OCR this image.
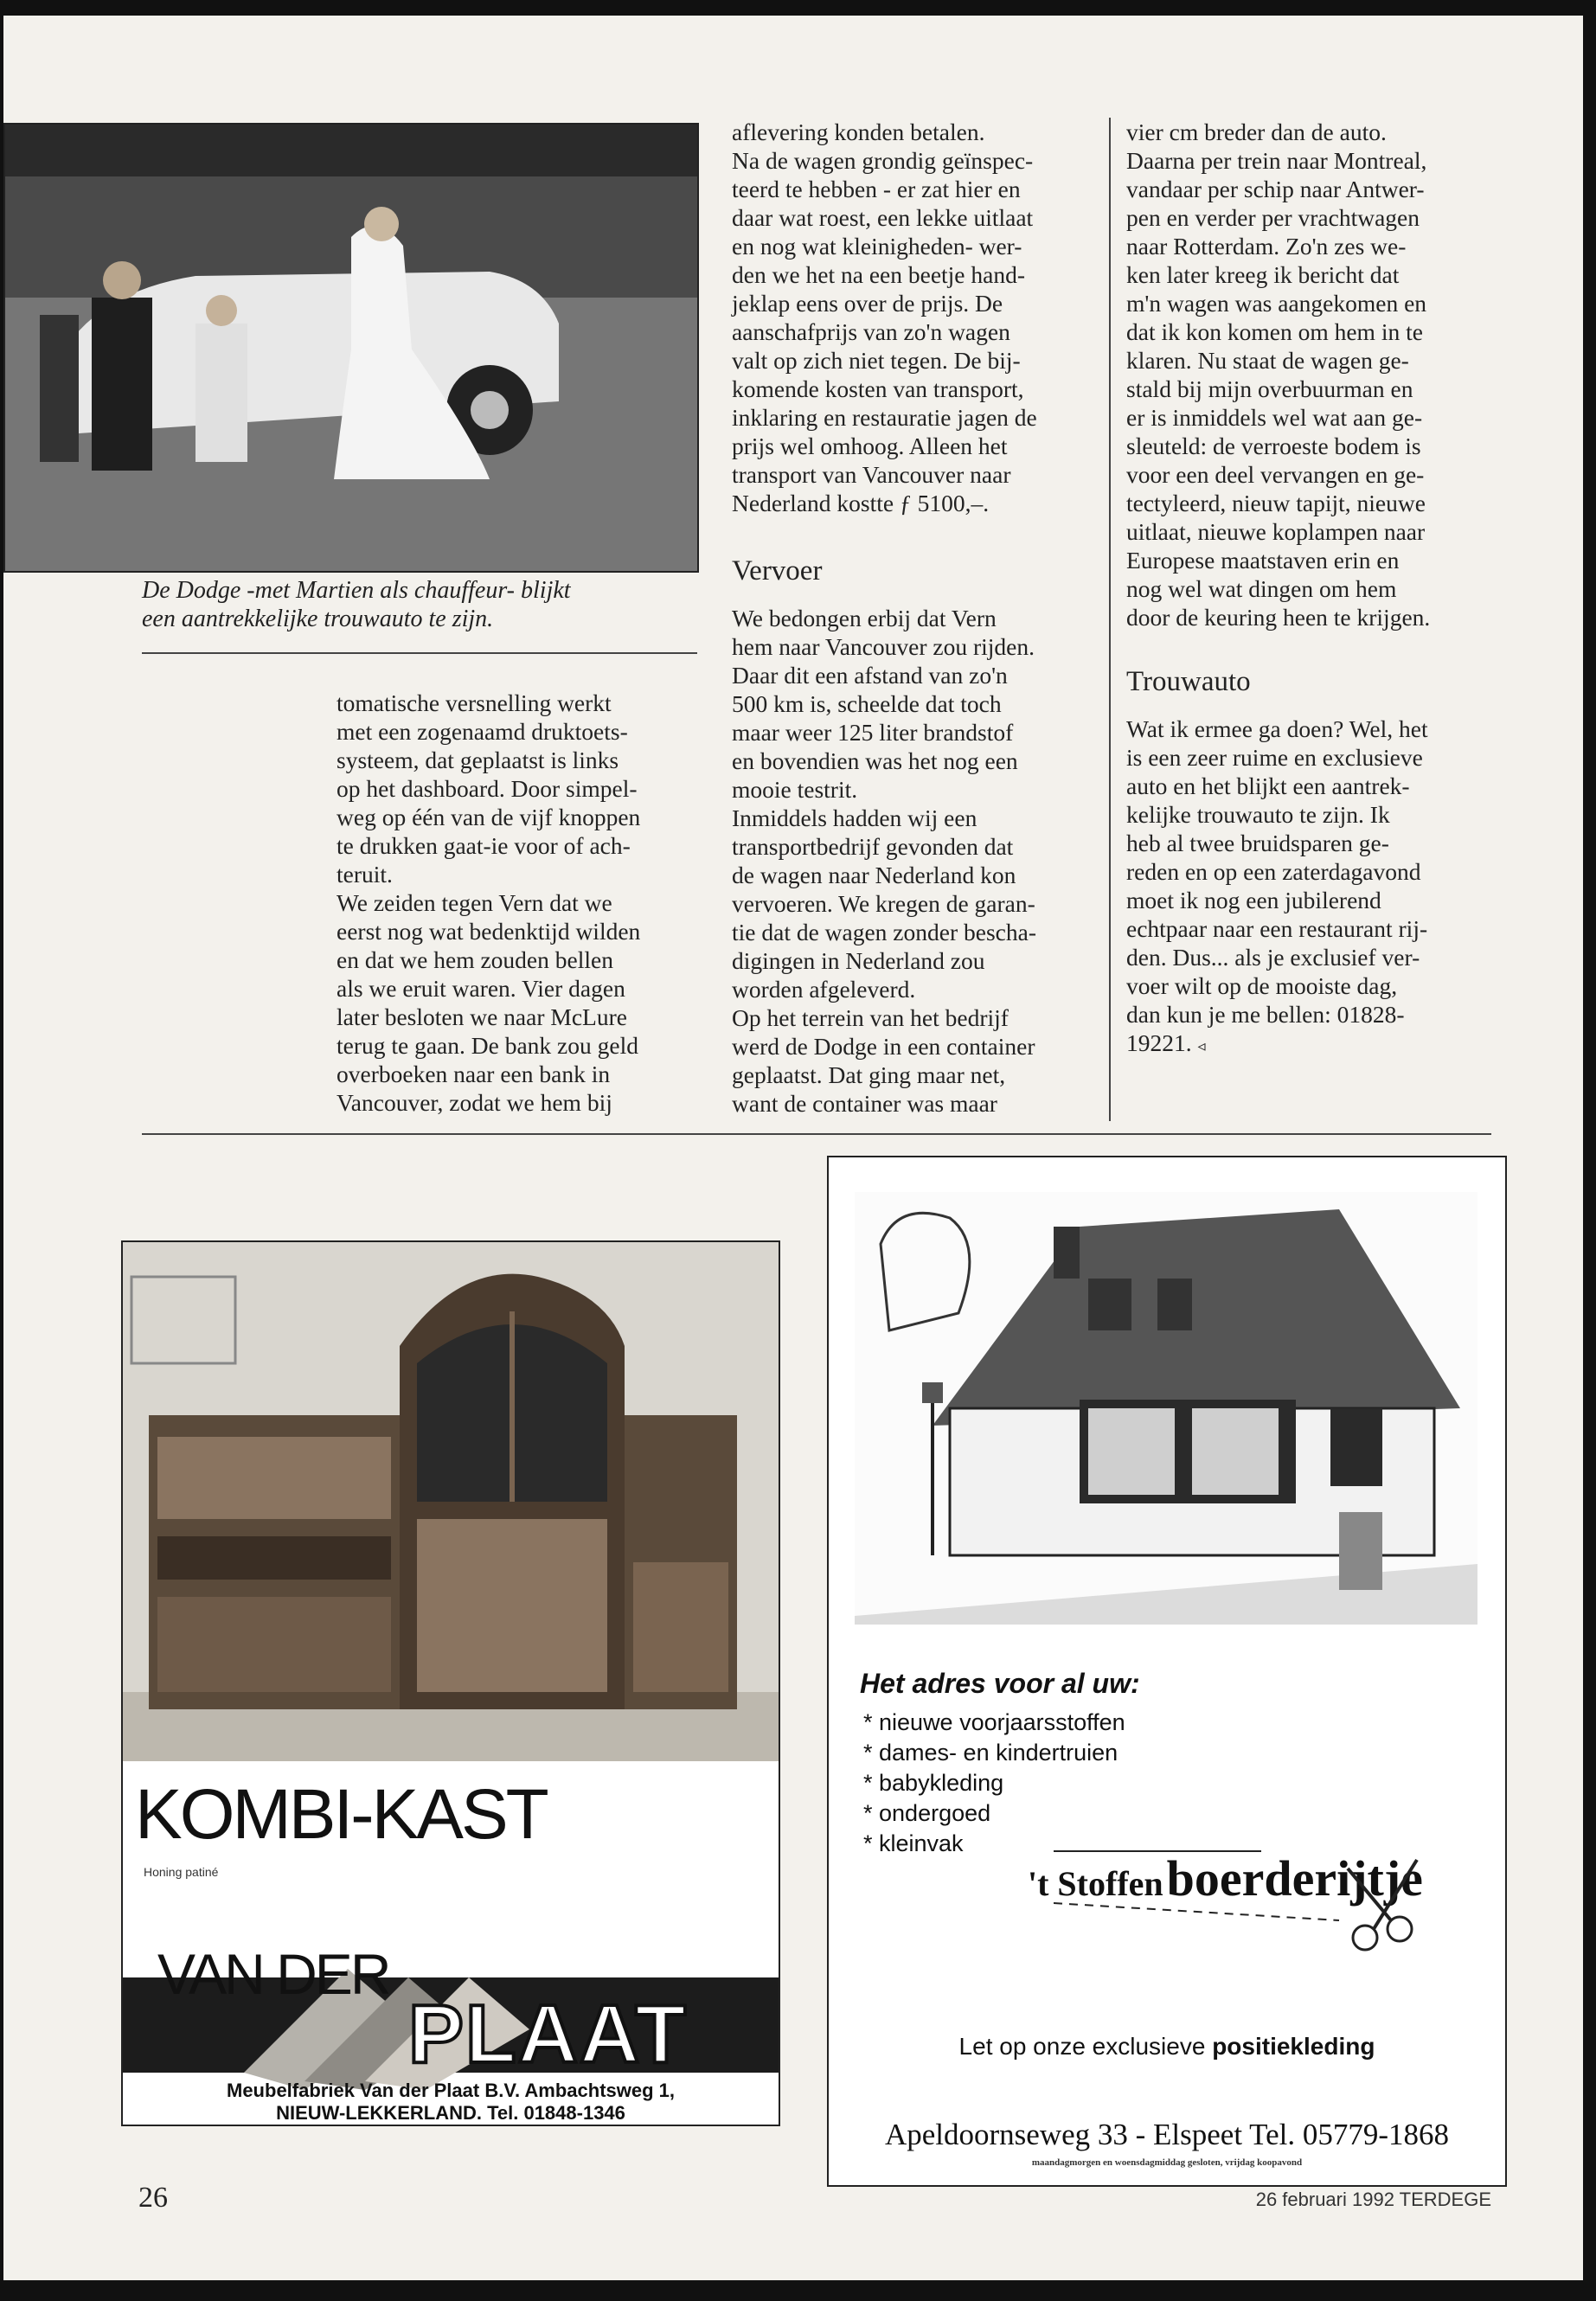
De Dodge -met Martien als chauffeur- blijkt
een aantrekkelijke trouwauto te zijn.
tomatische versnelling werkt
met een zogenaamd druktoets-
systeem, dat geplaatst is links
op het dashboard. Door simpel-
weg op één van de vijf knoppen
te drukken gaat-ie voor of ach-
teruit.
We zeiden tegen Vern dat we
eerst nog wat bedenktijd wilden
en dat we hem zouden bellen
als we eruit waren. Vier dagen
later besloten we naar McLure
terug te gaan. De bank zou geld
overboeken naar een bank in
Vancouver, zodat we hem bij
aflevering konden betalen.
Na de wagen grondig geïnspec-
teerd te hebben - er zat hier en
daar wat roest, een lekke uitlaat
en nog wat kleinigheden- wer-
den we het na een beetje hand-
jeklap eens over de prijs. De
aanschafprijs van zo'n wagen
valt op zich niet tegen. De bij-
komende kosten van transport,
inklaring en restauratie jagen de
prijs wel omhoog. Alleen het
transport van Vancouver naar
Nederland kostte ƒ 5100,–.
Vervoer
We bedongen erbij dat Vern
hem naar Vancouver zou rijden.
Daar dit een afstand van zo'n
500 km is, scheelde dat toch
maar weer 125 liter brandstof
en bovendien was het nog een
mooie testrit.
Inmiddels hadden wij een
transportbedrijf gevonden dat
de wagen naar Nederland kon
vervoeren. We kregen de garan-
tie dat de wagen zonder bescha-
digingen in Nederland zou
worden afgeleverd.
Op het terrein van het bedrijf
werd de Dodge in een container
geplaatst. Dat ging maar net,
want de container was maar
vier cm breder dan de auto.
Daarna per trein naar Montreal,
vandaar per schip naar Antwer-
pen en verder per vrachtwagen
naar Rotterdam. Zo'n zes we-
ken later kreeg ik bericht dat
m'n wagen was aangekomen en
dat ik kon komen om hem in te
klaren. Nu staat de wagen ge-
stald bij mijn overbuurman en
er is inmiddels wel wat aan ge-
sleuteld: de verroeste bodem is
voor een deel vervangen en ge-
tectyleerd, nieuw tapijt, nieuwe
uitlaat, nieuwe koplampen naar
Europese maatstaven erin en
nog wel wat dingen om hem
door de keuring heen te krijgen.
Trouwauto
Wat ik ermee ga doen? Wel, het
is een zeer ruime en exclusieve
auto en het blijkt een aantrek-
kelijke trouwauto te zijn. Ik
heb al twee bruidsparen ge-
reden en op een zaterdagavond
moet ik nog een jubilerend
echtpaar naar een restaurant rij-
den. Dus... als je exclusief ver-
voer wilt op de mooiste dag,
dan kun je me bellen: 01828-
19221. ◃
KOMBI-KAST
Honing patiné
VAN DER
PLAAT
Meubelfabriek Van der Plaat B.V. Ambachtsweg 1,
NIEUW-LEKKERLAND. Tel. 01848-1346
Het adres voor al uw:
* nieuwe voorjaarsstoffen
* dames- en kindertruien
* babykleding
* ondergoed
* kleinvak
't Stoffen boerderijtje
Let op onze exclusieve positiekleding
Apeldoornseweg 33 - Elspeet Tel. 05779-1868
maandagmorgen en woensdagmiddag gesloten, vrijdag koopavond
26	26 februari 1992 TERDEGE
